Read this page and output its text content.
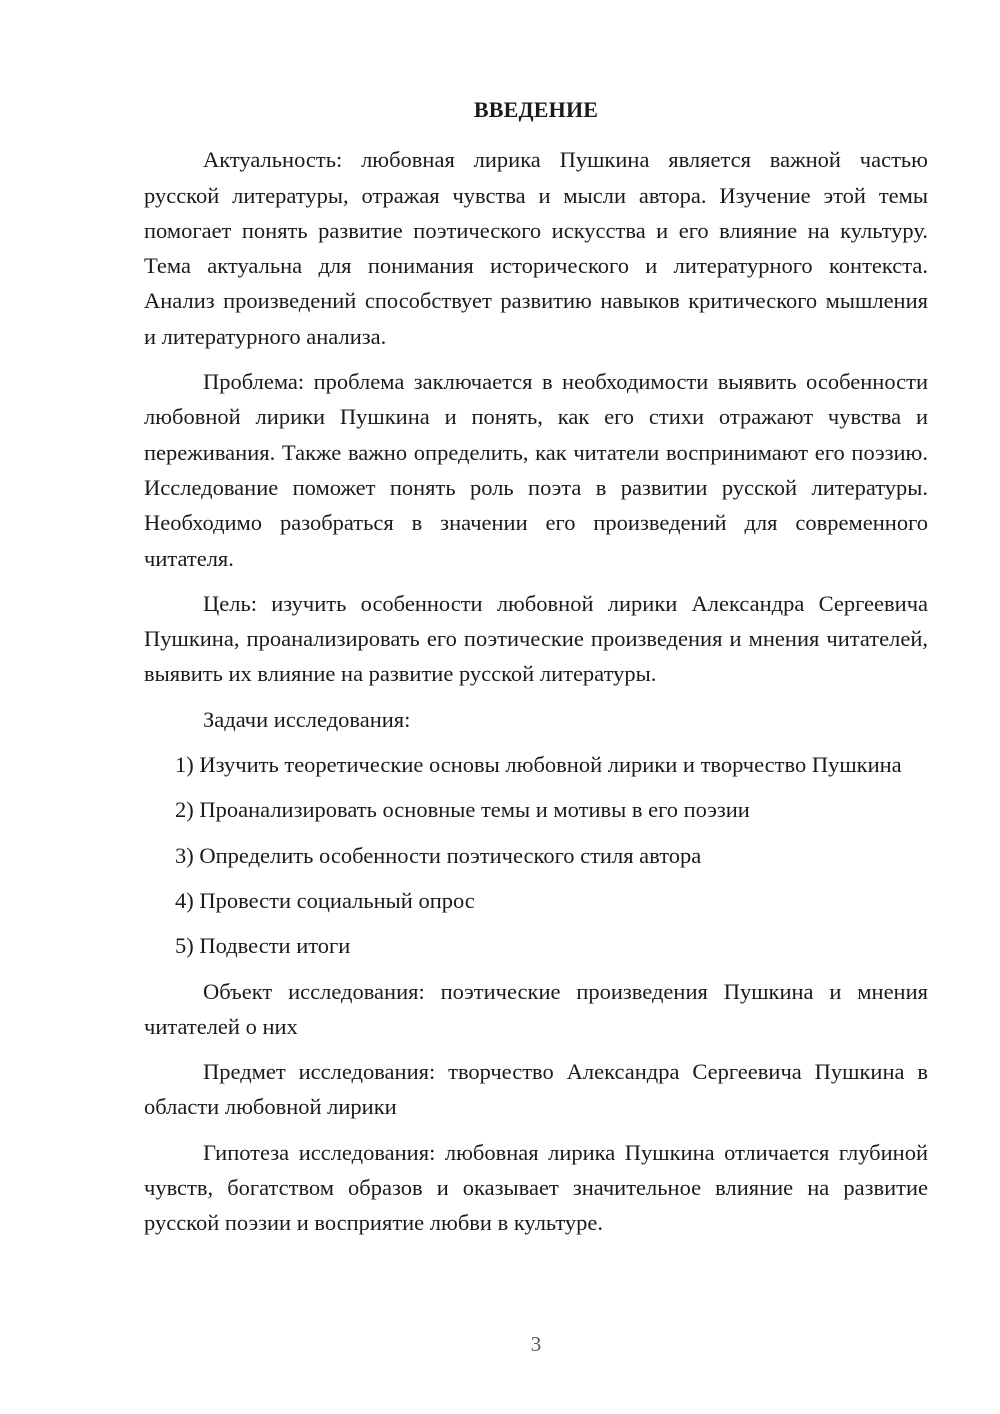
ВВЕДЕНИЕ

Актуальность: любовная лирика Пушкина является важной частью русской литературы, отражая чувства и мысли автора. Изучение этой темы помогает понять развитие поэтического искусства и его влияние на культуру. Тема актуальна для понимания исторического и литературного контекста. Анализ произведений способствует развитию навыков критического мышления и литературного анализа.

Проблема: проблема заключается в необходимости выявить особенности любовной лирики Пушкина и понять, как его стихи отражают чувства и переживания. Также важно определить, как читатели воспринимают его поэзию. Исследование поможет понять роль поэта в развитии русской литературы. Необходимо разобраться в значении его произведений для современного читателя.

Цель: изучить особенности любовной лирики Александра Сергеевича Пушкина, проанализировать его поэтические произведения и мнения читателей, выявить их влияние на развитие русской литературы.

Задачи исследования:

1) Изучить теоретические основы любовной лирики и творчество Пушкина
2) Проанализировать основные темы и мотивы в его поэзии
3) Определить особенности поэтического стиля автора
4) Провести социальный опрос
5) Подвести итоги

Объект исследования: поэтические произведения Пушкина и мнения читателей о них

Предмет исследования: творчество Александра Сергеевича Пушкина в области любовной лирики

Гипотеза исследования: любовная лирика Пушкина отличается глубиной чувств, богатством образов и оказывает значительное влияние на развитие русской поэзии и восприятие любви в культуре.

3
